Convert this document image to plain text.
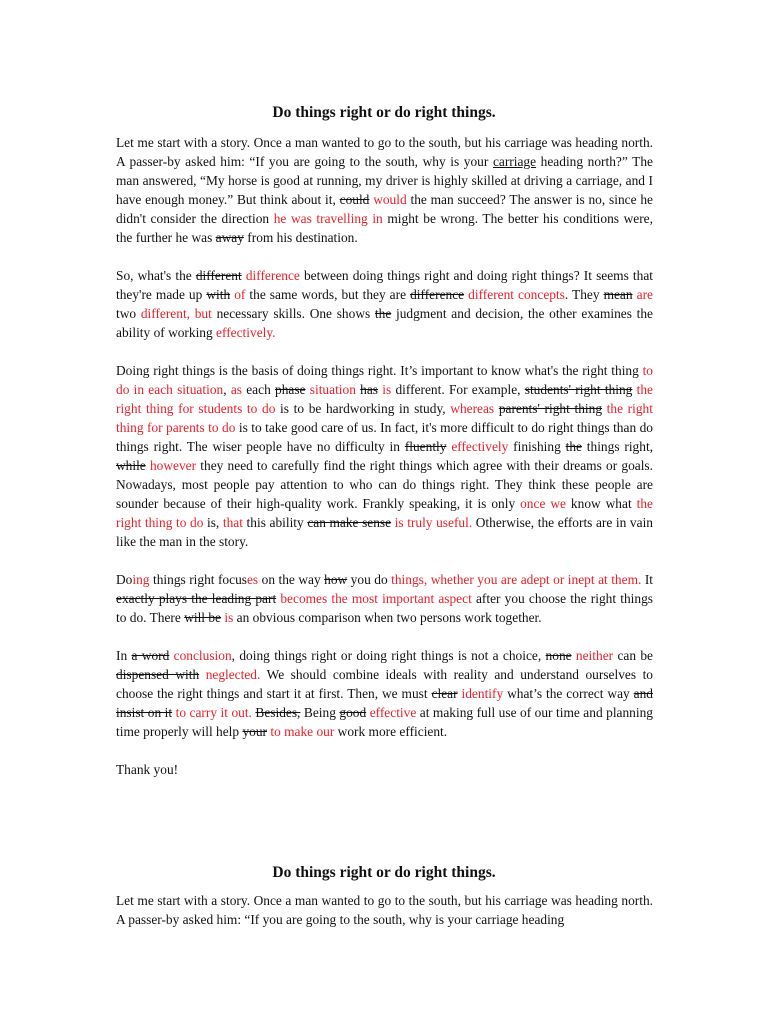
Do things right or do right things.

Let me start with a story. Once a man wanted to go to the south, but his carriage was heading north. A passer-by asked him: “If you are going to the south, why is your carriage heading north?” The man answered, “My horse is good at running, my driver is highly skilled at driving a carriage, and I have enough money.” But think about it, could would the man succeed? The answer is no, since he didn't consider the direction he was travelling in might be wrong. The better his conditions were, the further he was away from his destination.

So, what's the different difference between doing things right and doing right things? It seems that they're made up with of the same words, but they are difference different concepts. They mean are two different, but necessary skills. One shows the judgment and decision, the other examines the ability of working effectively.

Doing right things is the basis of doing things right. It’s important to know what's the right thing to do in each situation, as each phase situation has is different. For example, students' right thing the right thing for students to do is to be hardworking in study, whereas parents' right thing the right thing for parents to do is to take good care of us. In fact, it's more difficult to do right things than do things right. The wiser people have no difficulty in fluently effectively finishing the things right, while however they need to carefully find the right things which agree with their dreams or goals. Nowadays, most people pay attention to who can do things right. They think these people are sounder because of their high-quality work. Frankly speaking, it is only once we know what the right thing to do is, that this ability can make sense is truly useful. Otherwise, the efforts are in vain like the man in the story.

Doing things right focuses on the way how you do things, whether you are adept or inept at them. It exactly plays the leading part becomes the most important aspect after you choose the right things to do. There will be is an obvious comparison when two persons work together.

In a word conclusion, doing things right or doing right things is not a choice, none neither can be dispensed with neglected. We should combine ideals with reality and understand ourselves to choose the right things and start it at first. Then, we must clear identify what’s the correct way and insist on it to carry it out. Besides, Being good effective at making full use of our time and planning time properly will help your to make our work more efficient.

Thank you!

Do things right or do right things.

Let me start with a story. Once a man wanted to go to the south, but his carriage was heading north. A passer-by asked him: “If you are going to the south, why is your carriage heading
